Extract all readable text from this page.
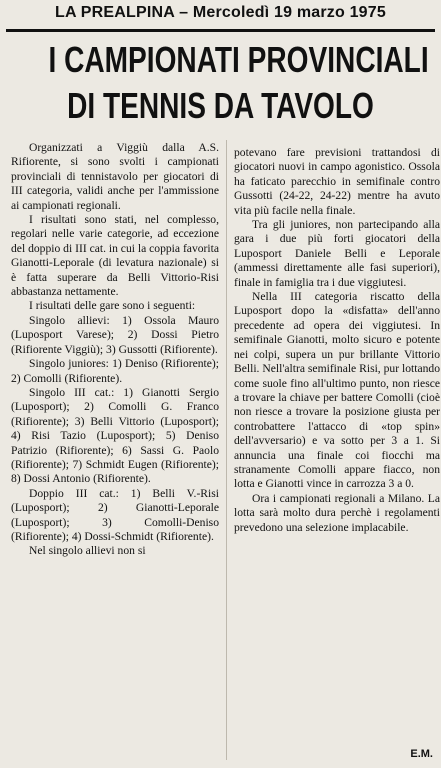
LA PREALPINA – Mercoledì 19 marzo 1975
I CAMPIONATI PROVINCIALI
DI TENNIS DA TAVOLO

Organizzati a Viggiù dalla A.S. Rifiorente, si sono svolti i campionati provinciali di tennistavolo per giocatori di III categoria, validi anche per l'ammissione ai campionati regionali.

I risultati sono stati, nel complesso, regolari nelle varie categorie, ad eccezione del doppio di III cat. in cui la coppia favorita Gianotti-Leporale (di levatura nazionale) si è fatta superare da Belli Vittorio-Risi abbastanza nettamente.

I risultati delle gare sono i seguenti:

Singolo allievi: 1) Ossola Mauro (Luposport Varese); 2) Dossi Pietro (Rifiorente Viggiù); 3) Gussotti (Rifiorente).

Singolo juniores: 1) Deniso (Rifiorente); 2) Comolli (Rifiorente).

Singolo III cat.: 1) Gianotti Sergio (Luposport); 2) Comolli G. Franco (Rifiorente); 3) Belli Vittorio (Luposport); 4) Risi Tazio (Luposport); 5) Deniso Patrizio (Rifiorente); 6) Sassi G. Paolo (Rifiorente); 7) Schmidt Eugen (Rifiorente); 8) Dossi Antonio (Rifiorente).

Doppio III cat.: 1) Belli V.-Risi (Luposport); 2) Gianotti-Leporale (Luposport); 3) Comolli-Deniso (Rifiorente); 4) Dossi-Schmidt (Rifiorente).

Nel singolo allievi non si

potevano fare previsioni trattandosi di giocatori nuovi in campo agonistico. Ossola ha faticato parecchio in semifinale contro Gussotti (24-22, 24-22) mentre ha avuto vita più facile nella finale.

Tra gli juniores, non partecipando alla gara i due più forti giocatori della Luposport Daniele Belli e Leporale (ammessi direttamente alle fasi superiori), finale in famiglia tra i due viggiutesi.

Nella III categoria riscatto della Luposport dopo la «disfatta» dell'anno precedente ad opera dei viggiutesi. In semifinale Gianotti, molto sicuro e potente nei colpi, supera un pur brillante Vittorio Belli. Nell'altra semifinale Risi, pur lottando come suole fino all'ultimo punto, non riesce a trovare la chiave per battere Comolli (cioè non riesce a trovare la posizione giusta per controbattere l'attacco di «top spin» dell'avversario) e va sotto per 3 a 1. Si annuncia una finale coi fiocchi ma stranamente Comolli appare fiacco, non lotta e Gianotti vince in carrozza 3 a 0.

Ora i campionati regionali a Milano. La lotta sarà molto dura perchè i regolamenti prevedono una selezione implacabile.

E.M.
